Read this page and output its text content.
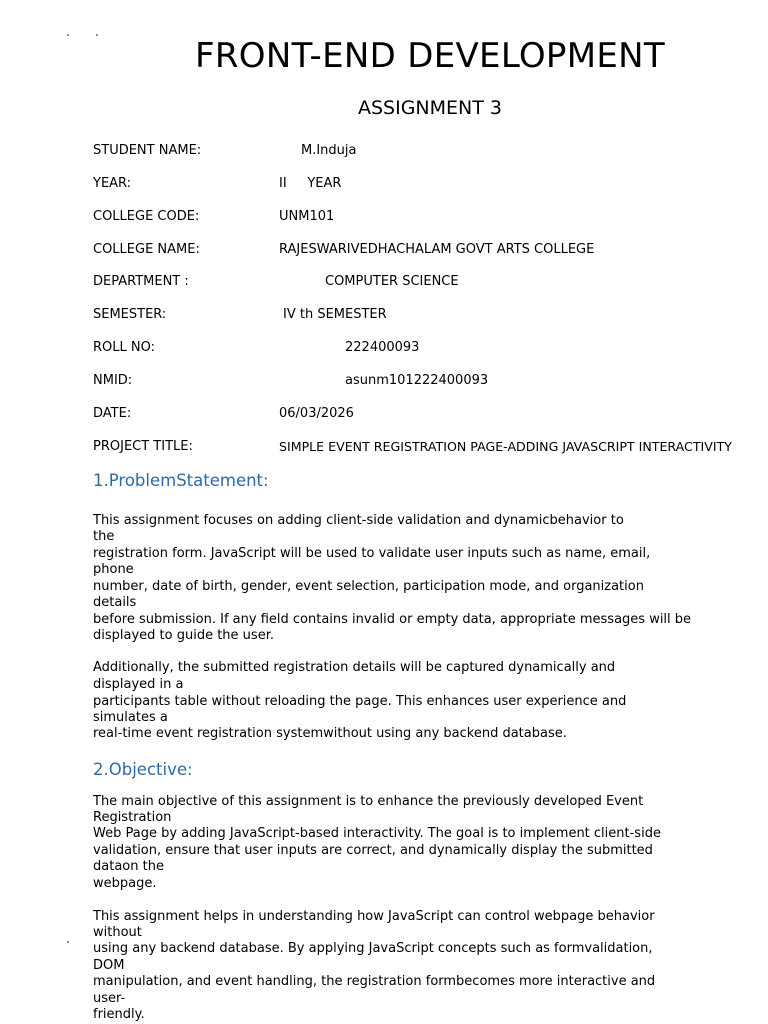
FRONT-END DEVELOPMENT
ASSIGNMENT 3
STUDENT NAME:	M.Induja
YEAR:	II     YEAR
COLLEGE CODE:	UNM101
COLLEGE NAME:	RAJESWARIVEDHACHALAM GOVT ARTS COLLEGE
DEPARTMENT :	COMPUTER SCIENCE
SEMESTER:	IV th SEMESTER
ROLL NO:	222400093
NMID:	asunm101222400093
DATE:	06/03/2026
PROJECT TITLE:	SIMPLE EVENT REGISTRATION PAGE-ADDING JAVASCRIPT INTERACTIVITY
1.ProblemStatement:
This assignment focuses on adding client-side validation and dynamicbehavior to
the
registration form. JavaScript will be used to validate user inputs such as name, email,
phone
number, date of birth, gender, event selection, participation mode, and organization
details
before submission. If any field contains invalid or empty data, appropriate messages will be
displayed to guide the user.
Additionally, the submitted registration details will be captured dynamically and
displayed in a
participants table without reloading the page. This enhances user experience and
simulates a
real-time event registration systemwithout using any backend database.
2.Objective:
The main objective of this assignment is to enhance the previously developed Event
Registration
Web Page by adding JavaScript-based interactivity. The goal is to implement client-side
validation, ensure that user inputs are correct, and dynamically display the submitted
dataon the
webpage.
This assignment helps in understanding how JavaScript can control webpage behavior
without
using any backend database. By applying JavaScript concepts such as formvalidation,
DOM
manipulation, and event handling, the registration formbecomes more interactive and
user-
friendly.
